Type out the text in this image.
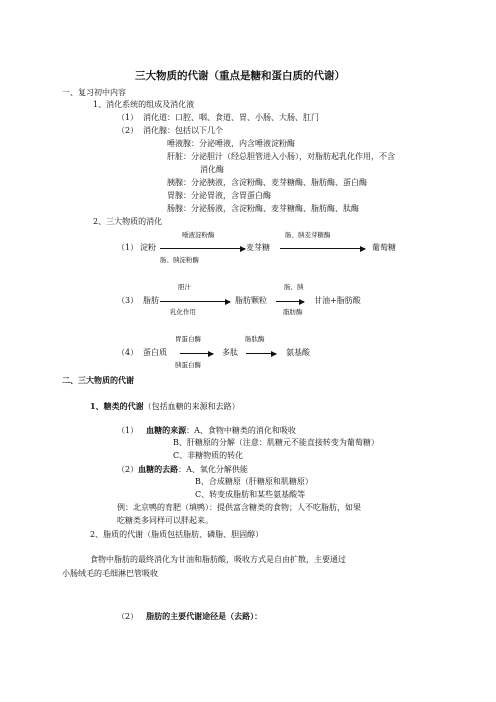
三大物质的代谢（重点是糖和蛋白质的代谢）
一、复习初中内容
1、消化系统的组成及消化液
（1） 消化道：口腔、咽、食道、胃、小肠、大肠、肛门
（2） 消化腺：包括以下几个
唾液腺：分泌唾液，内含唾液淀粉酶
肝脏：分泌胆汁（经总胆管进入小肠），对脂肪起乳化作用，不含
消化酶
胰腺：分泌胰液，含淀粉酶、麦芽糖酶、脂肪酶、蛋白酶
胃腺：分泌胃液，含胃蛋白酶
肠腺：分泌肠液，含淀粉酶、麦芽糖酶、脂肪酶、肽酶
2、三大物质的消化
唾液淀粉酶	肠、胰麦芽糖酶
（1） 淀粉	麦芽糖	葡萄糖
肠、胰淀粉酶
胆汁	肠、胰
（3） 脂肪	脂肪颗粒	甘油+脂肪酸
乳化作用	脂肪酶
胃蛋白酶	肠肽酶
（4） 蛋白质	多肽	氨基酸
胰蛋白酶
二、三大物质的代谢
1、糖类的代谢（包括血糖的来源和去路）
（1） 血糖的来源：A、食物中糖类的消化和吸收
B、肝糖原的分解（注意：肌糖元不能直接转变为葡萄糖）
C、非糖物质的转化
（2）血糖的去路：A、氧化分解供能
B、合成糖原（肝糖原和肌糖原）
C、转变成脂肪和某些氨基酸等
例：北京鸭的育肥（填鸭）：提供富含糖类的食物；人不吃脂肪，如果
吃糖类多同样可以胖起来。
2、脂质的代谢（脂质包括脂肪、磷脂、胆固醇）
食物中脂肪的最终消化为甘油和脂肪酸，吸收方式是自由扩散，主要通过
小肠绒毛的毛细淋巴管吸收
（2） 脂肪的主要代谢途径是（去路）：
